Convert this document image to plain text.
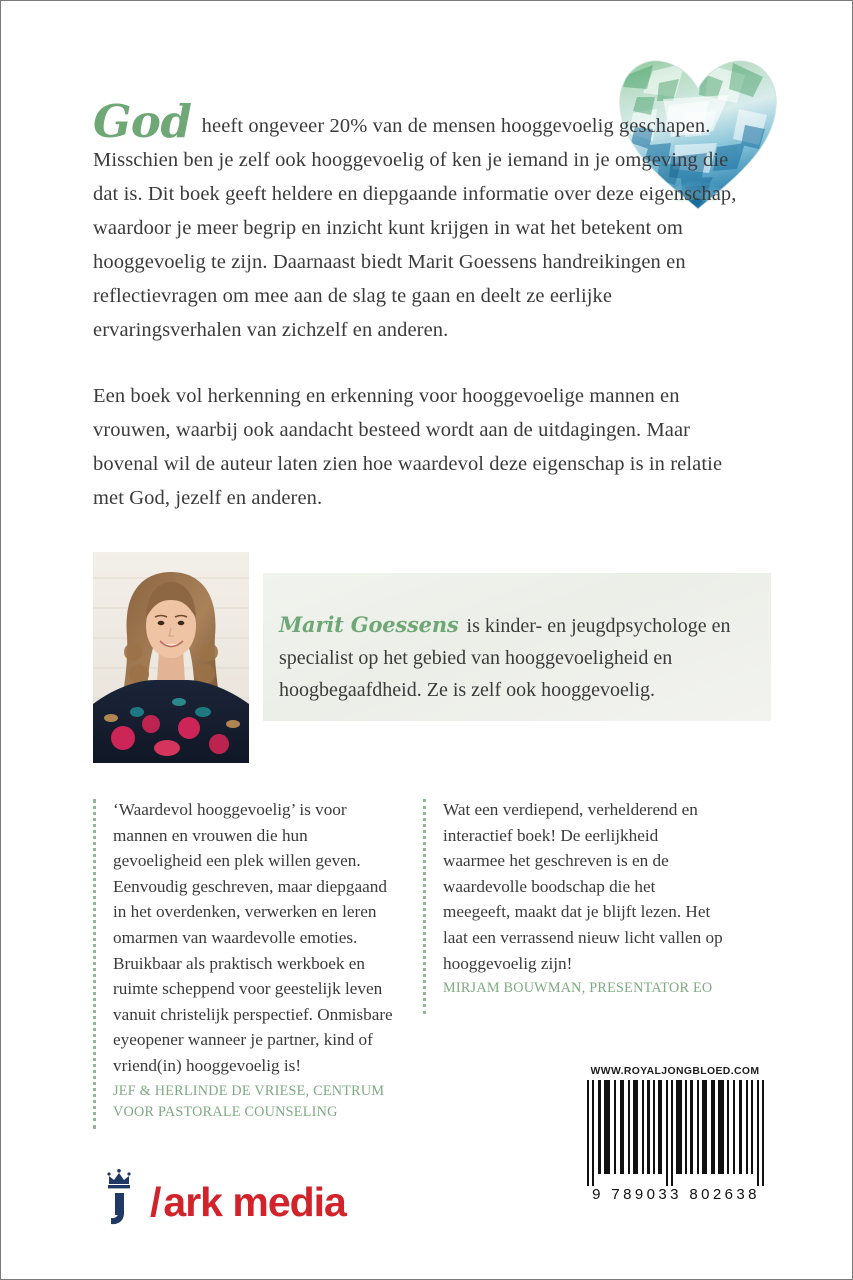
God heeft ongeveer 20% van de mensen hooggevoelig geschapen. Misschien ben je zelf ook hooggevoelig of ken je iemand in je omgeving die dat is. Dit boek geeft heldere en diepgaande informatie over deze eigenschap, waardoor je meer begrip en inzicht kunt krijgen in wat het betekent om hooggevoelig te zijn. Daarnaast biedt Marit Goessens handreikingen en reflectievragen om mee aan de slag te gaan en deelt ze eerlijke ervaringsverhalen van zichzelf en anderen.

Een boek vol herkenning en erkenning voor hooggevoelige mannen en vrouwen, waarbij ook aandacht besteed wordt aan de uitdagingen. Maar bovenal wil de auteur laten zien hoe waardevol deze eigenschap is in relatie met God, jezelf en anderen.

Marit Goessens is kinder- en jeugdpsychologe en specialist op het gebied van hooggevoeligheid en hoogbegaafdheid. Ze is zelf ook hooggevoelig.

‘Waardevol hooggevoelig’ is voor mannen en vrouwen die hun gevoeligheid een plek willen geven. Eenvoudig geschreven, maar diepgaand in het overdenken, verwerken en leren omarmen van waardevolle emoties. Bruikbaar als praktisch werkboek en ruimte scheppend voor geestelijk leven vanuit christelijk perspectief. Onmisbare eyeopener wanneer je partner, kind of vriend(in) hooggevoelig is!

JEF & HERLINDE DE VRIESE, CENTRUM VOOR PASTORALE COUNSELING

Wat een verdiepend, verhelderend en interactief boek! De eerlijkheid waarmee het geschreven is en de waardevolle boodschap die het meegeeft, maakt dat je blijft lezen. Het laat een verrassend nieuw licht vallen op hooggevoelig zijn!

MIRJAM BOUWMAN, PRESENTATOR EO

WWW.ROYALJONGBLOED.COM

9 789033 802638

/ ark media
